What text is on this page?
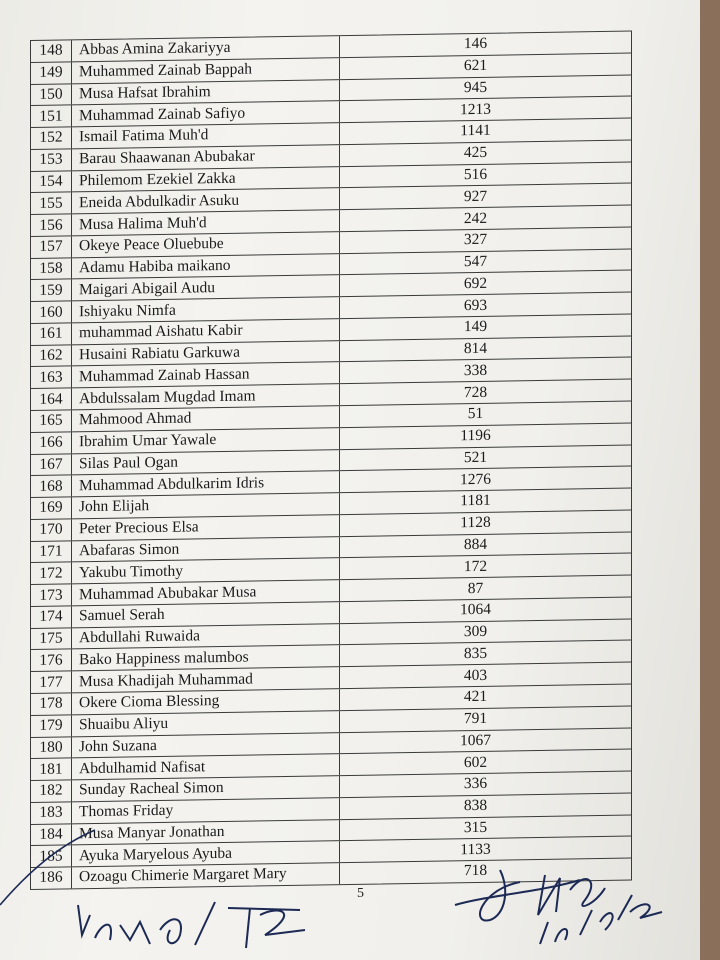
148	Abbas Amina Zakariyya	146
149	Muhammed Zainab Bappah	621
150	Musa Hafsat Ibrahim	945
151	Muhammad Zainab Safiyo	1213
152	Ismail Fatima Muh'd	1141
153	Barau Shaawanan Abubakar	425
154	Philemom Ezekiel Zakka	516
155	Eneida Abdulkadir Asuku	927
156	Musa Halima Muh'd	242
157	Okeye Peace Oluebube	327
158	Adamu Habiba maikano	547
159	Maigari Abigail Audu	692
160	Ishiyaku Nimfa	693
161	muhammad Aishatu Kabir	149
162	Husaini Rabiatu Garkuwa	814
163	Muhammad Zainab Hassan	338
164	Abdulssalam Mugdad Imam	728
165	Mahmood Ahmad	51
166	Ibrahim Umar Yawale	1196
167	Silas Paul Ogan	521
168	Muhammad Abdulkarim Idris	1276
169	John Elijah	1181
170	Peter Precious Elsa	1128
171	Abafaras Simon	884
172	Yakubu Timothy	172
173	Muhammad Abubakar Musa	87
174	Samuel Serah	1064
175	Abdullahi Ruwaida	309
176	Bako Happiness malumbos	835
177	Musa Khadijah Muhammad	403
178	Okere Cioma Blessing	421
179	Shuaibu Aliyu	791
180	John Suzana	1067
181	Abdulhamid Nafisat	602
182	Sunday Racheal Simon	336
183	Thomas Friday	838
184	Musa Manyar Jonathan	315
185	Ayuka Maryelous Ayuba	1133
186	Ozoagu Chimerie Margaret Mary	718
5
